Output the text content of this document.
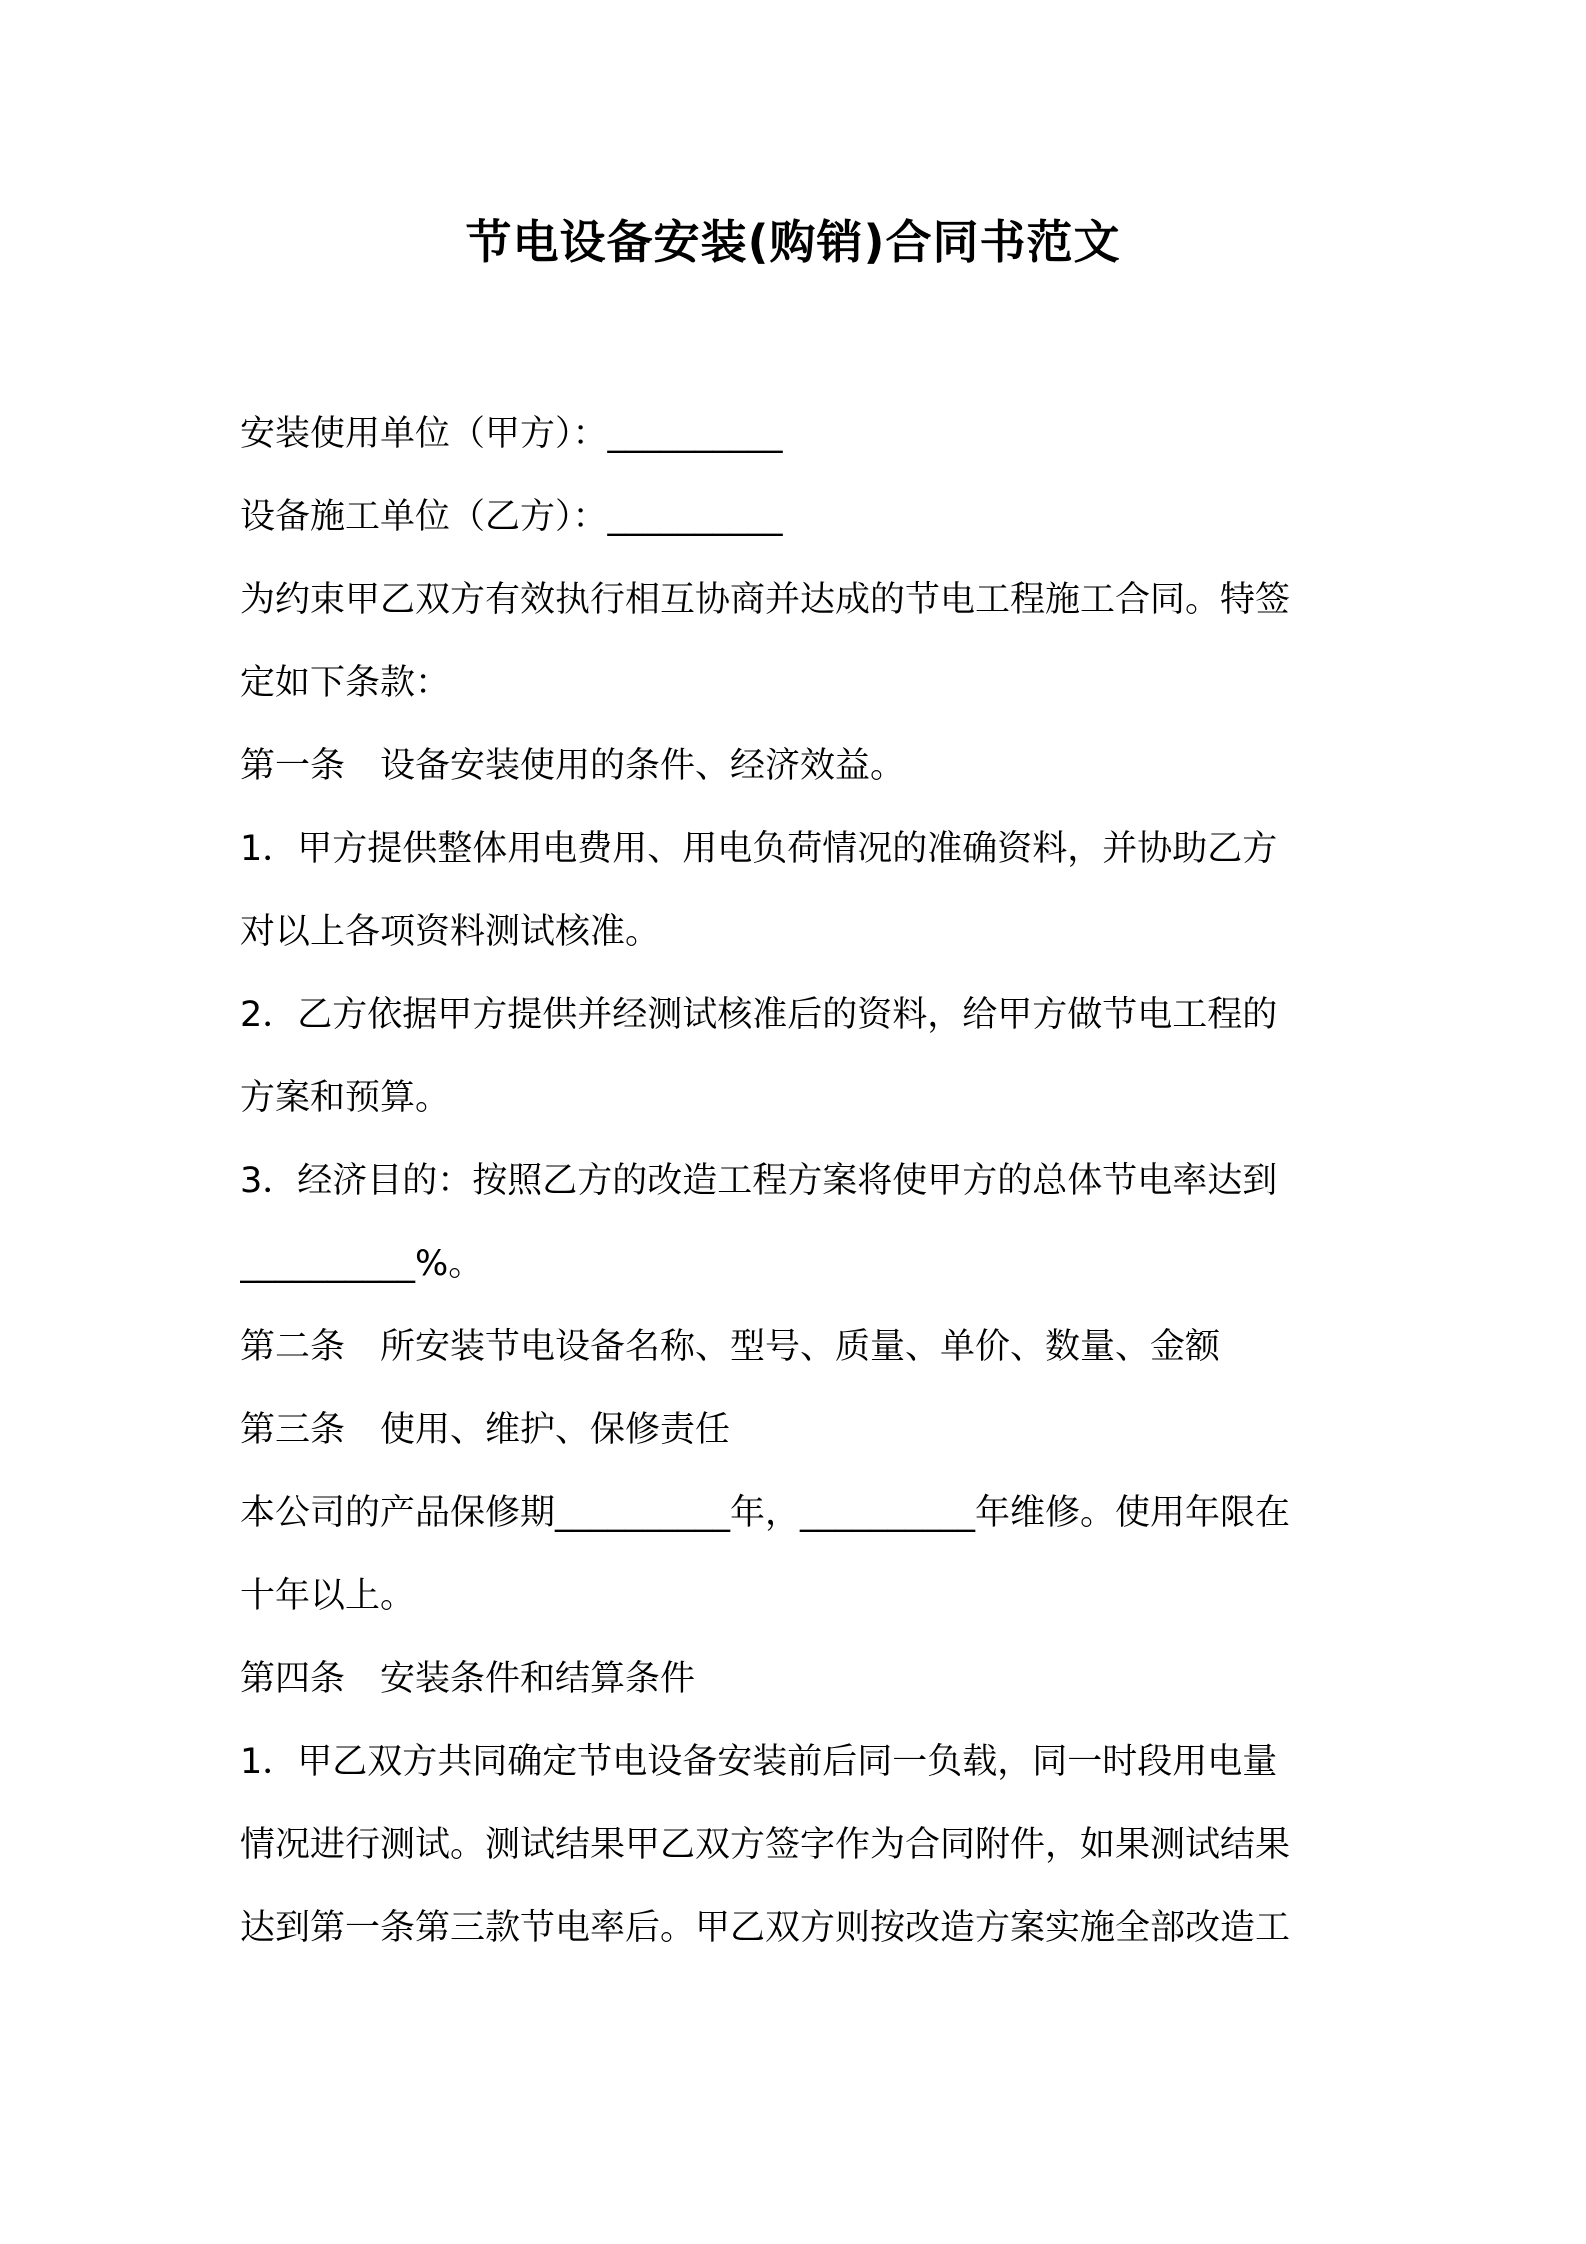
节电设备安装(购销)合同书范文
安装使用单位（甲方）：__________
设备施工单位（乙方）：__________
为约束甲乙双方有效执行相互协商并达成的节电工程施工合同。特签
定如下条款：
第一条　设备安装使用的条件、经济效益。
1．甲方提供整体用电费用、用电负荷情况的准确资料，并协助乙方
对以上各项资料测试核准。
2．乙方依据甲方提供并经测试核准后的资料，给甲方做节电工程的
方案和预算。
3．经济目的：按照乙方的改造工程方案将使甲方的总体节电率达到
__________%。
第二条　所安装节电设备名称、型号、质量、单价、数量、金额
第三条　使用、维护、保修责任
本公司的产品保修期__________年，__________年维修。使用年限在
十年以上。
第四条　安装条件和结算条件
1．甲乙双方共同确定节电设备安装前后同一负载，同一时段用电量
情况进行测试。测试结果甲乙双方签字作为合同附件，如果测试结果
达到第一条第三款节电率后。甲乙双方则按改造方案实施全部改造工
